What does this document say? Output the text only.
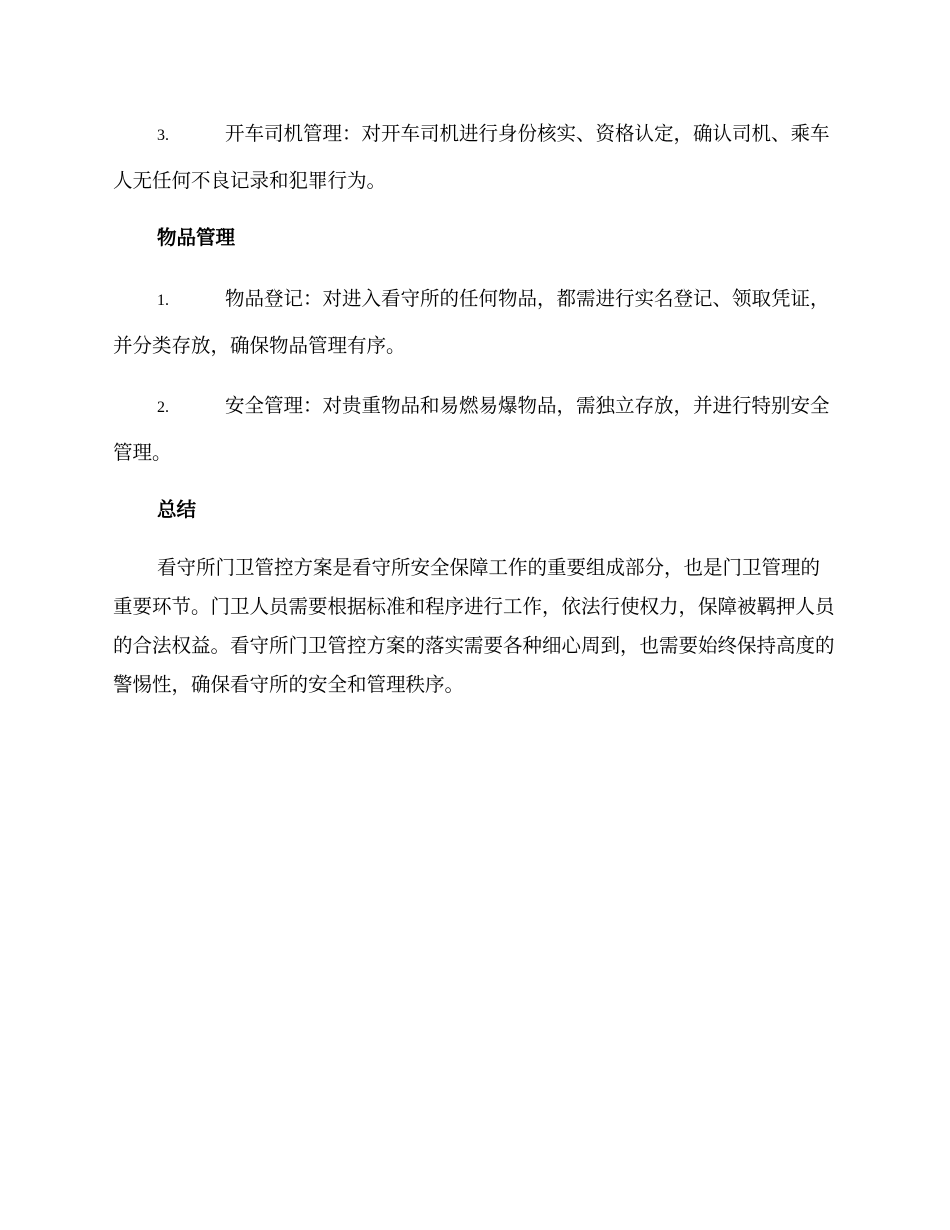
3.	开车司机管理：对开车司机进行身份核实、资格认定，确认司机、乘车人无任何不良记录和犯罪行为。

物品管理

1.	物品登记：对进入看守所的任何物品，都需进行实名登记、领取凭证，并分类存放，确保物品管理有序。

2.	安全管理：对贵重物品和易燃易爆物品，需独立存放，并进行特别安全管理。

总结

看守所门卫管控方案是看守所安全保障工作的重要组成部分，也是门卫管理的重要环节。门卫人员需要根据标准和程序进行工作，依法行使权力，保障被羁押人员的合法权益。看守所门卫管控方案的落实需要各种细心周到，也需要始终保持高度的警惕性，确保看守所的安全和管理秩序。
